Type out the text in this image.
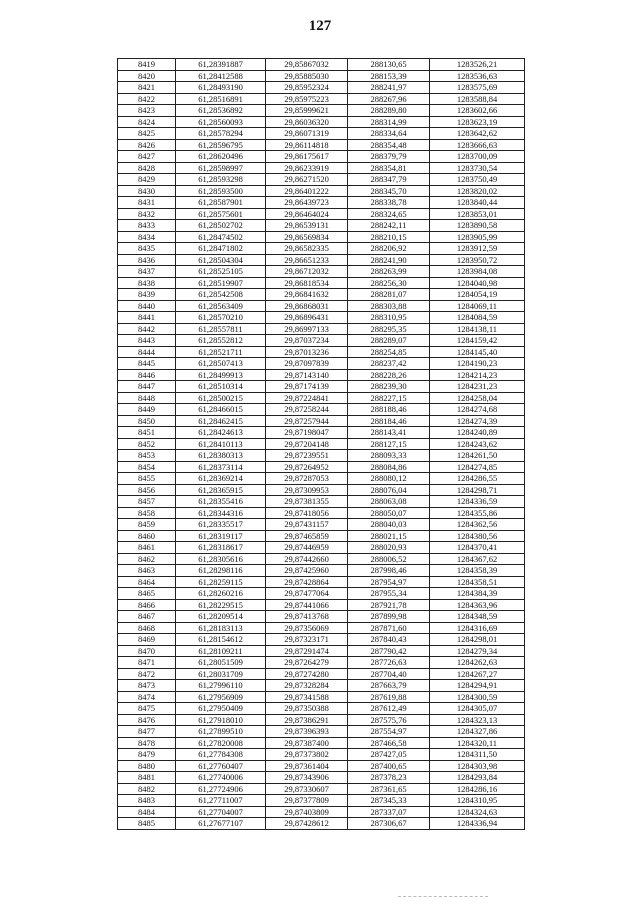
127
8419	61,28391887	29,85867032	288130,65	1283526,21
8420	61,28412588	29,85885030	288153,39	1283536,63
8421	61,28493190	29,85952324	288241,97	1283575,69
8422	61,28516891	29,85975223	288267,96	1283588,84
8423	61,28536892	29,85999621	288289,80	1283602,66
8424	61,28560093	29,86036320	288314,99	1283623,19
8425	61,28578294	29,86071319	288334,64	1283642,62
8426	61,28596795	29,86114818	288354,48	1283666,63
8427	61,28620496	29,86175617	288379,79	1283700,09
8428	61,28598997	29,86233919	288354,81	1283730,54
8429	61,28593298	29,86271520	288347,79	1283750,49
8430	61,28593500	29,86401222	288345,70	1283820,02
8431	61,28587901	29,86439723	288338,78	1283840,44
8432	61,28575601	29,86464024	288324,65	1283853,01
8433	61,28502702	29,86539131	288242,11	1283890,58
8434	61,28474502	29,86569834	288210,15	1283905,99
8435	61,28471802	29,86582335	288206,92	1283912,59
8436	61,28504304	29,86651233	288241,90	1283950,72
8437	61,28525105	29,86712032	288263,99	1283984,08
8438	61,28519907	29,86818534	288256,30	1284040,98
8439	61,28542508	29,86841632	288281,07	1284054,19
8440	61,28563409	29,86868031	288303,88	1284069,11
8441	61,28570210	29,86896431	288310,95	1284084,59
8442	61,28557811	29,86997133	288295,35	1284138,11
8443	61,28552812	29,87037234	288289,07	1284159,42
8444	61,28521711	29,87013236	288254,85	1284145,40
8445	61,28507413	29,87097839	288237,42	1284190,23
8446	61,28499913	29,87143140	288228,26	1284214,23
8447	61,28510314	29,87174139	288239,30	1284231,23
8448	61,28500215	29,87224841	288227,15	1284258,04
8449	61,28466015	29,87258244	288188,46	1284274,68
8450	61,28462415	29,87257944	288184,46	1284274,39
8451	61,28424613	29,87198047	288143,41	1284240,89
8452	61,28410113	29,87204148	288127,15	1284243,62
8453	61,28380313	29,87239551	288093,33	1284261,50
8454	61,28373114	29,87264952	288084,86	1284274,85
8455	61,28369214	29,87287053	288080,12	1284286,55
8456	61,28365915	29,87309953	288076,04	1284298,71
8457	61,28355416	29,87381355	288063,08	1284336,59
8458	61,28344316	29,87418056	288050,07	1284355,86
8459	61,28335517	29,87431157	288040,03	1284362,56
8460	61,28319117	29,87465859	288021,15	1284380,56
8461	61,28318617	29,87446959	288020,93	1284370,41
8462	61,28305616	29,87442660	288006,52	1284367,62
8463	61,28298116	29,87425960	287998,46	1284358,39
8464	61,28259115	29,87428864	287954,97	1284358,51
8465	61,28260216	29,87477064	287955,34	1284384,39
8466	61,28229515	29,87441066	287921,78	1284363,96
8467	61,28209514	29,87413768	287899,98	1284348,59
8468	61,28183113	29,87356069	287871,60	1284316,69
8469	61,28154612	29,87323171	287840,43	1284298,01
8470	61,28109211	29,87291474	287790,42	1284279,34
8471	61,28051509	29,87264279	287726,63	1284262,63
8472	61,28031709	29,87274280	287704,40	1284267,27
8473	61,27996110	29,87328284	287663,79	1284294,91
8474	61,27956909	29,87341588	287619,88	1284300,59
8475	61,27950409	29,87350388	287612,49	1284305,07
8476	61,27918010	29,87386291	287575,76	1284323,13
8477	61,27899510	29,87396393	287554,97	1284327,86
8478	61,27820008	29,87387400	287466,58	1284320,11
8479	61,27784308	29,87373802	287427,05	1284311,50
8480	61,27760407	29,87361404	287400,65	1284303,98
8481	61,27740006	29,87343906	287378,23	1284293,84
8482	61,27724906	29,87330607	287361,65	1284286,16
8483	61,27711007	29,87377809	287345,33	1284310,95
8484	61,27704007	29,87403809	287337,07	1284324,63
8485	61,27677107	29,87428612	287306,67	1284336,94
